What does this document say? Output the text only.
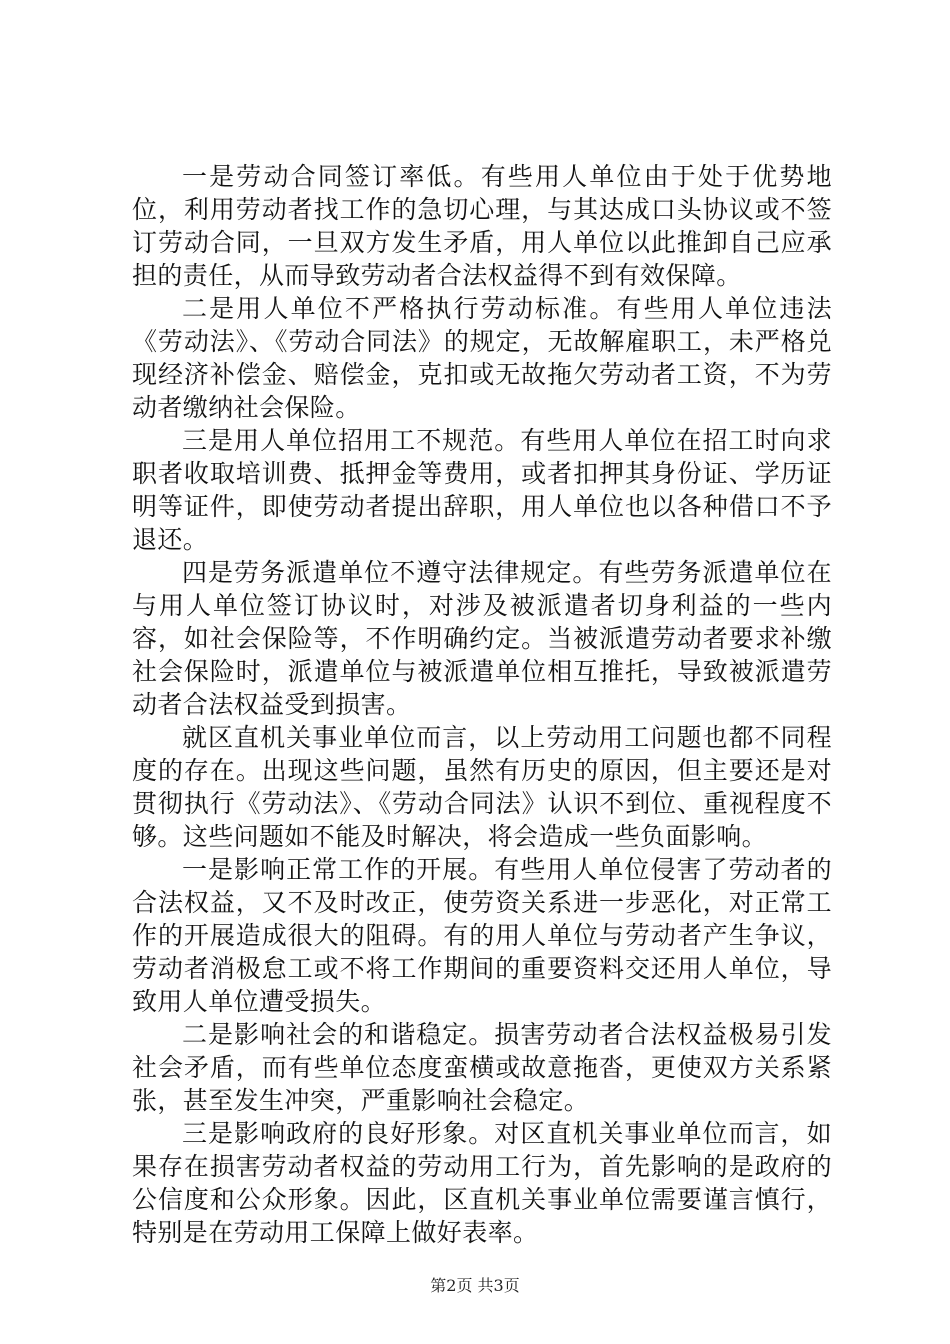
一是劳动合同签订率低。有些用人单位由于处于优势地位，利用劳动者找工作的急切心理，与其达成口头协议或不签订劳动合同，一旦双方发生矛盾，用人单位以此推卸自己应承担的责任，从而导致劳动者合法权益得不到有效保障。

二是用人单位不严格执行劳动标准。有些用人单位违法《劳动法》、《劳动合同法》的规定，无故解雇职工，未严格兑现经济补偿金、赔偿金，克扣或无故拖欠劳动者工资，不为劳动者缴纳社会保险。

三是用人单位招用工不规范。有些用人单位在招工时向求职者收取培训费、抵押金等费用，或者扣押其身份证、学历证明等证件，即使劳动者提出辞职，用人单位也以各种借口不予退还。

四是劳务派遣单位不遵守法律规定。有些劳务派遣单位在与用人单位签订协议时，对涉及被派遣者切身利益的一些内容，如社会保险等，不作明确约定。当被派遣劳动者要求补缴社会保险时，派遣单位与被派遣单位相互推托，导致被派遣劳动者合法权益受到损害。

就区直机关事业单位而言，以上劳动用工问题也都不同程度的存在。出现这些问题，虽然有历史的原因，但主要还是对贯彻执行《劳动法》、《劳动合同法》认识不到位、重视程度不够。这些问题如不能及时解决，将会造成一些负面影响。

一是影响正常工作的开展。有些用人单位侵害了劳动者的合法权益，又不及时改正，使劳资关系进一步恶化，对正常工作的开展造成很大的阻碍。有的用人单位与劳动者产生争议，劳动者消极怠工或不将工作期间的重要资料交还用人单位，导致用人单位遭受损失。

二是影响社会的和谐稳定。损害劳动者合法权益极易引发社会矛盾，而有些单位态度蛮横或故意拖沓，更使双方关系紧张，甚至发生冲突，严重影响社会稳定。

三是影响政府的良好形象。对区直机关事业单位而言，如果存在损害劳动者权益的劳动用工行为，首先影响的是政府的公信度和公众形象。因此，区直机关事业单位需要谨言慎行，特别是在劳动用工保障上做好表率。

第2页 共3页
